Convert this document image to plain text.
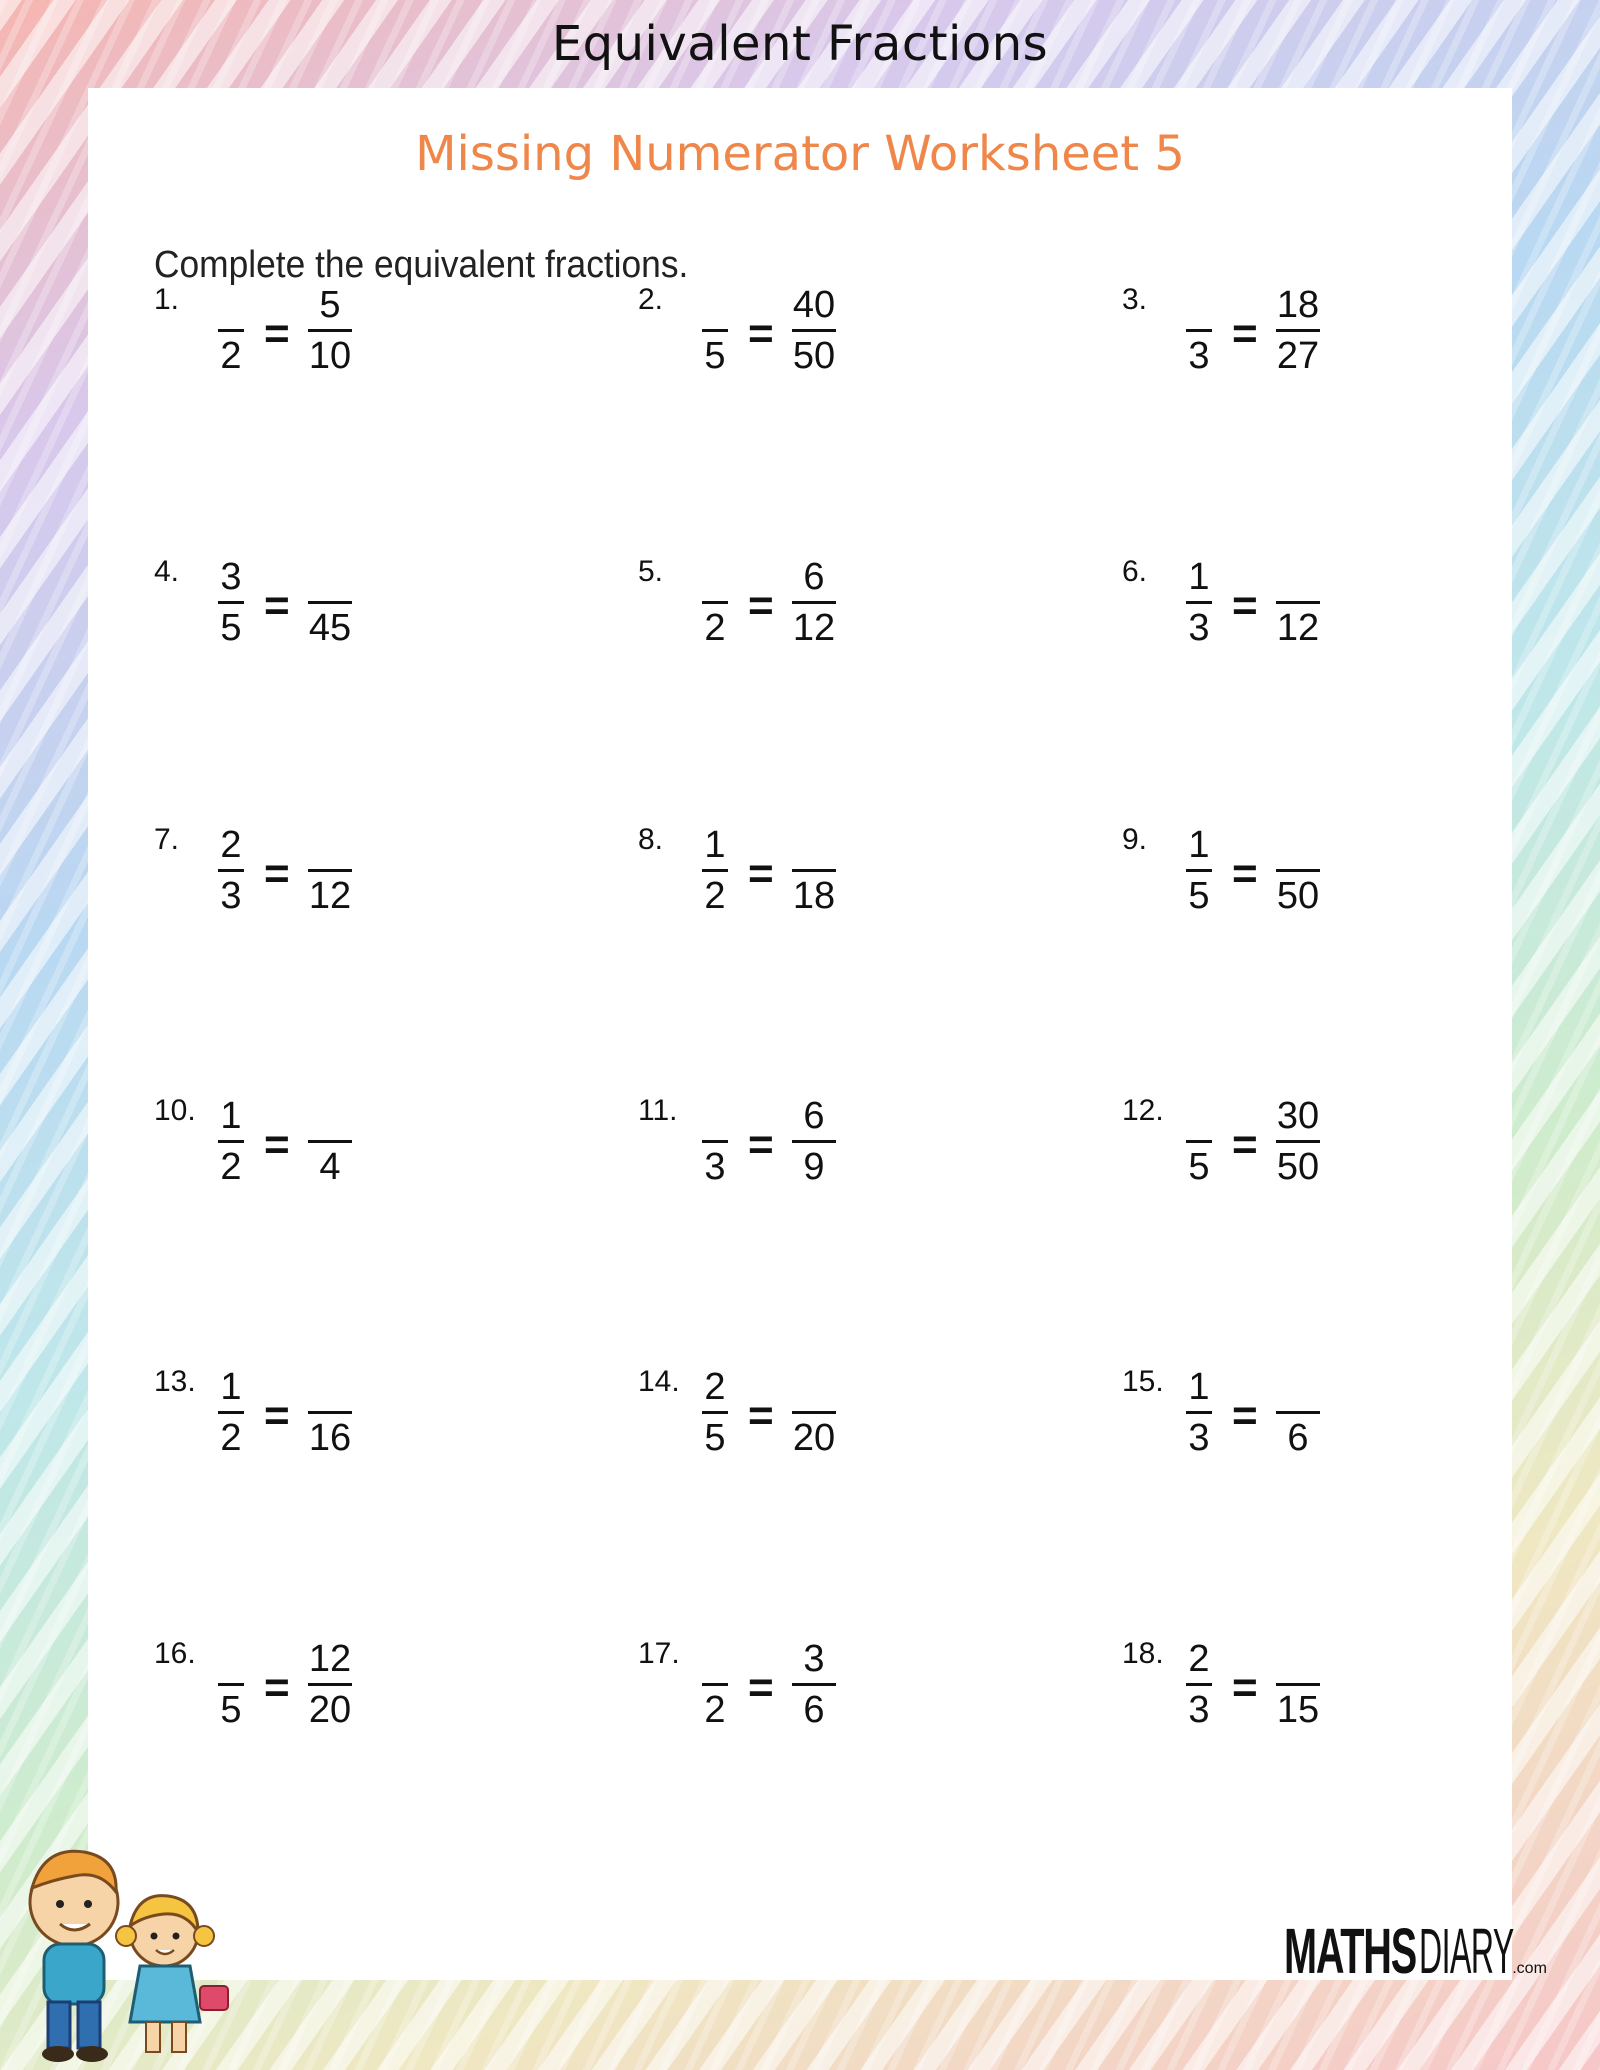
Equivalent Fractions
Missing Numerator Worksheet 5
Complete the equivalent fractions.
1.
2 =
5
10
2.
5 =
40
50
3.
3 =
18
27
4. 3
5 = 45
5.
2 =
6
12
6. 1
3 = 12
7. 2
3 = 12
8. 1
2 = 18
9. 1
5 = 50
10. 1
2 = 4
11.
3 =
6
9
12.
5 =
30
50
13. 1
2 = 16
14. 2
5 = 20
15. 1
3 = 6
16.
5 =
12
20
17.
2 =
3
6
18. 2
3 = 15
MATHSDIARY.com
